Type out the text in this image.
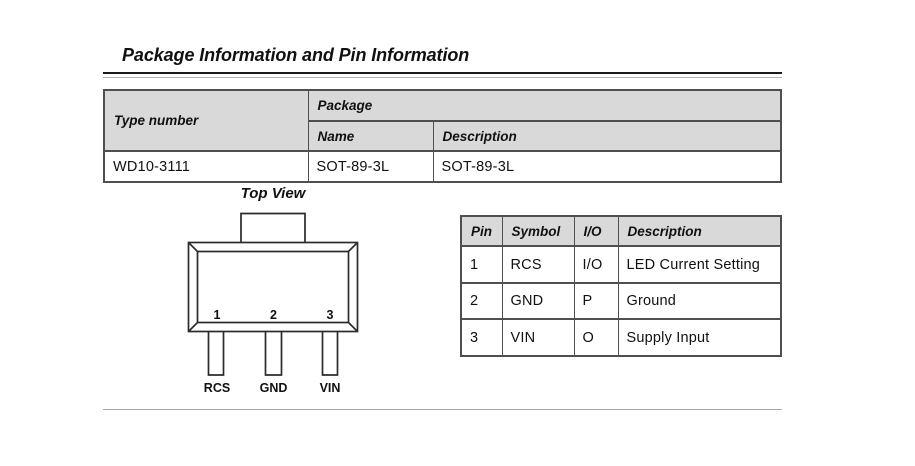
Package Information and Pin Information
Type number	Package	
	Name	Description
WD10-3111	SOT-89-3L	SOT-89-3L
Top View
1	2	3
RCS GND	VIN
Pin	Symbol	I/O	Description
1	RCS	I/O	LED Current Setting
2	GND	P	Ground
3	VIN	O	Supply Input
